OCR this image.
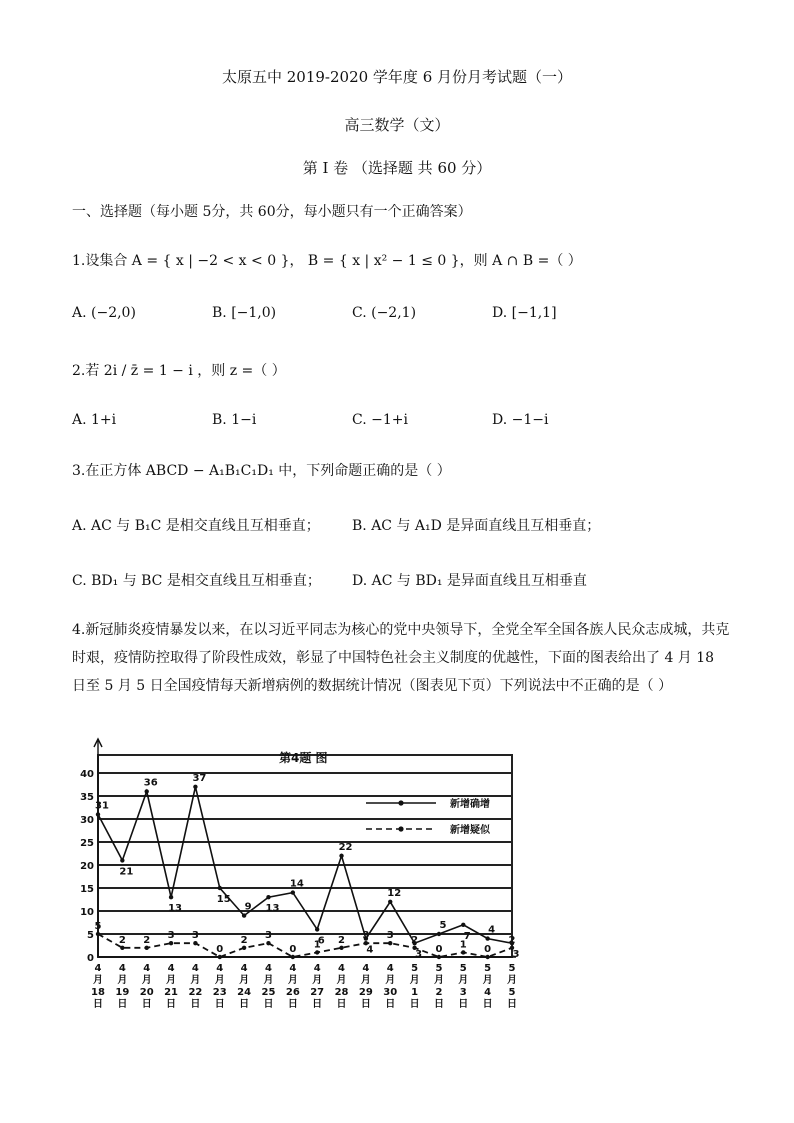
太原五中 2019-2020 学年度 6 月份月考试题（一）
高三数学（文）
第 I 卷 （选择题 共 60 分）
一、选择题（每小题 5分，共 60分，每小题只有一个正确答案）
1.设集合 A = { x | −2 < x < 0 }， B = { x | x² − 1 ≤ 0 }，则 A ∩ B =（ ）
A. (−2,0)	B. [−1,0)	C. (−2,1)	D. [−1,1]
2.若 2i / z̄ = 1 − i ，则 z =（ ）
A. 1+i	B. 1−i	C. −1+i	D. −1−i
3.在正方体 ABCD − A₁B₁C₁D₁ 中，下列命题正确的是（ ）
A. AC 与 B₁C 是相交直线且互相垂直； B. AC 与 A₁D 是异面直线且互相垂直；
C. BD₁ 与 BC 是相交直线且互相垂直； D. AC 与 BD₁ 是异面直线且互相垂直
4.新冠肺炎疫情暴发以来，在以习近平同志为核心的党中央领导下，全党全军全国各族人民众志成城，共克时艰，疫情防控取得了阶段性成效，彰显了中国特色社会主义制度的优越性，下面的图表给出了 4 月 18 日至 5 月 5 日全国疫情每天新增病例的数据统计情况（图表见下页）下列说法中不正确的是（ ）
0
5
10
15
20
25
30
35
40
4 月 18 日
4 月 19 日
4 月 20 日
4 月 21 日
4 月 22 日
4 月 23 日
4 月 24 日
4 月 25 日
4 月 26 日
4 月 27 日
4 月 28 日
4 月 29 日
4 月 30 日
5 月 1 日
5 月 2 日
5 月 3 日
5 月 4 日
5 月 5 日
31
21
36
13
37
15
9 13
14
6
22
4
12
3
5
7
4
3
5
2 2 3 3
0
2 3
0 1 2 3 3 2
0 1 0
2
第4题 图
新增确增
新增疑似
